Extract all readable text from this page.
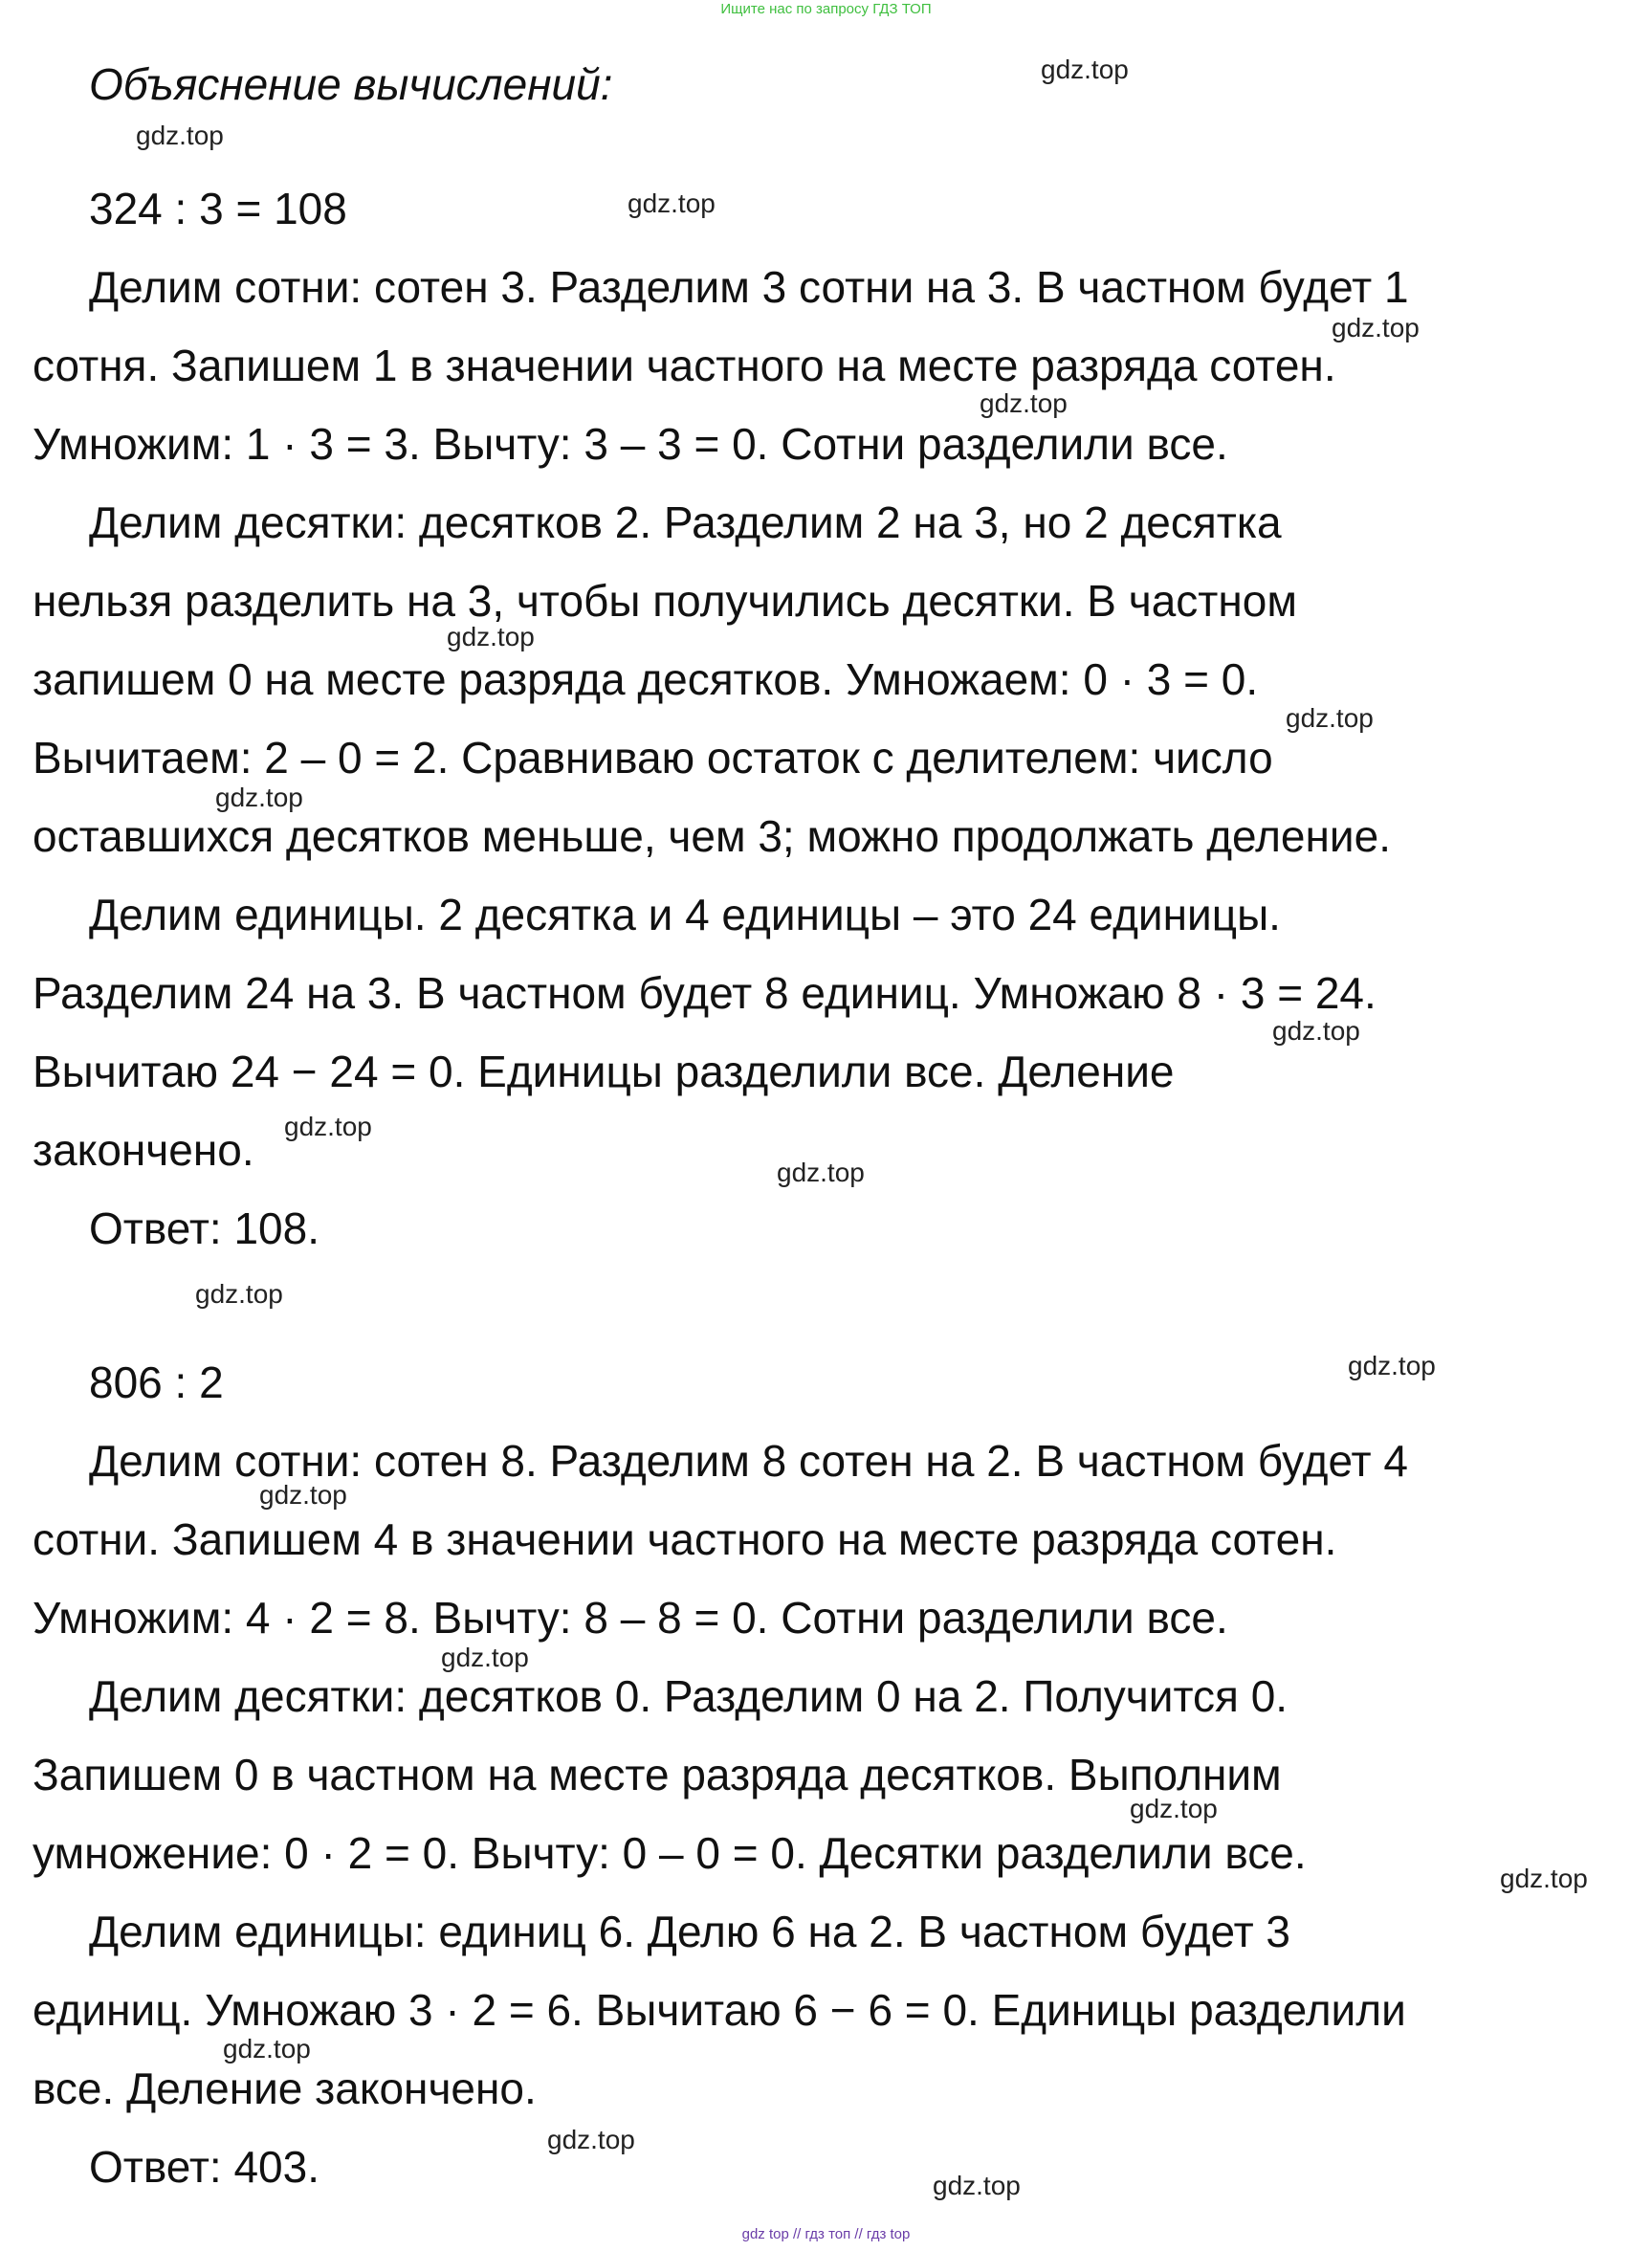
Ищите нас по запросу ГДЗ ТОП
Объяснение вычислений:
324 : 3 = 108
Делим сотни: сотен 3. Разделим 3 сотни на 3. В частном будет 1
сотня. Запишем 1 в значении частного на месте разряда сотен.
Умножим: 1 · 3 = 3. Вычту: 3 – 3 = 0. Сотни разделили все.
Делим десятки: десятков 2. Разделим 2 на 3, но 2 десятка
нельзя разделить на 3, чтобы получились десятки. В частном
запишем 0 на месте разряда десятков. Умножаем: 0 · 3 = 0.
Вычитаем: 2 – 0 = 2. Сравниваю остаток с делителем: число
оставшихся десятков меньше, чем 3; можно продолжать деление.
Делим единицы. 2 десятка и 4 единицы – это 24 единицы.
Разделим 24 на 3. В частном будет 8 единиц. Умножаю 8 · 3 = 24.
Вычитаю 24 − 24 = 0. Единицы разделили все. Деление
закончено.
Ответ: 108.
806 : 2
Делим сотни: сотен 8. Разделим 8 сотен на 2. В частном будет 4
сотни. Запишем 4 в значении частного на месте разряда сотен.
Умножим: 4 · 2 = 8. Вычту: 8 – 8 = 0. Сотни разделили все.
Делим десятки: десятков 0. Разделим 0 на 2. Получится 0.
Запишем 0 в частном на месте разряда десятков. Выполним
умножение: 0 · 2 = 0. Вычту: 0 – 0 = 0. Десятки разделили все.
Делим единицы: единиц 6. Делю 6 на 2. В частном будет 3
единиц. Умножаю 3 · 2 = 6. Вычитаю 6 − 6 = 0. Единицы разделили
все. Деление закончено.
Ответ: 403.
gdz.top
gdz.top
gdz.top
gdz.top
gdz.top
gdz.top
gdz.top
gdz.top
gdz.top
gdz.top
gdz.top
gdz.top
gdz.top
gdz.top
gdz.top
gdz.top
gdz.top
gdz.top
gdz.top
gdz.top
gdz top // гдз топ // гдз top
